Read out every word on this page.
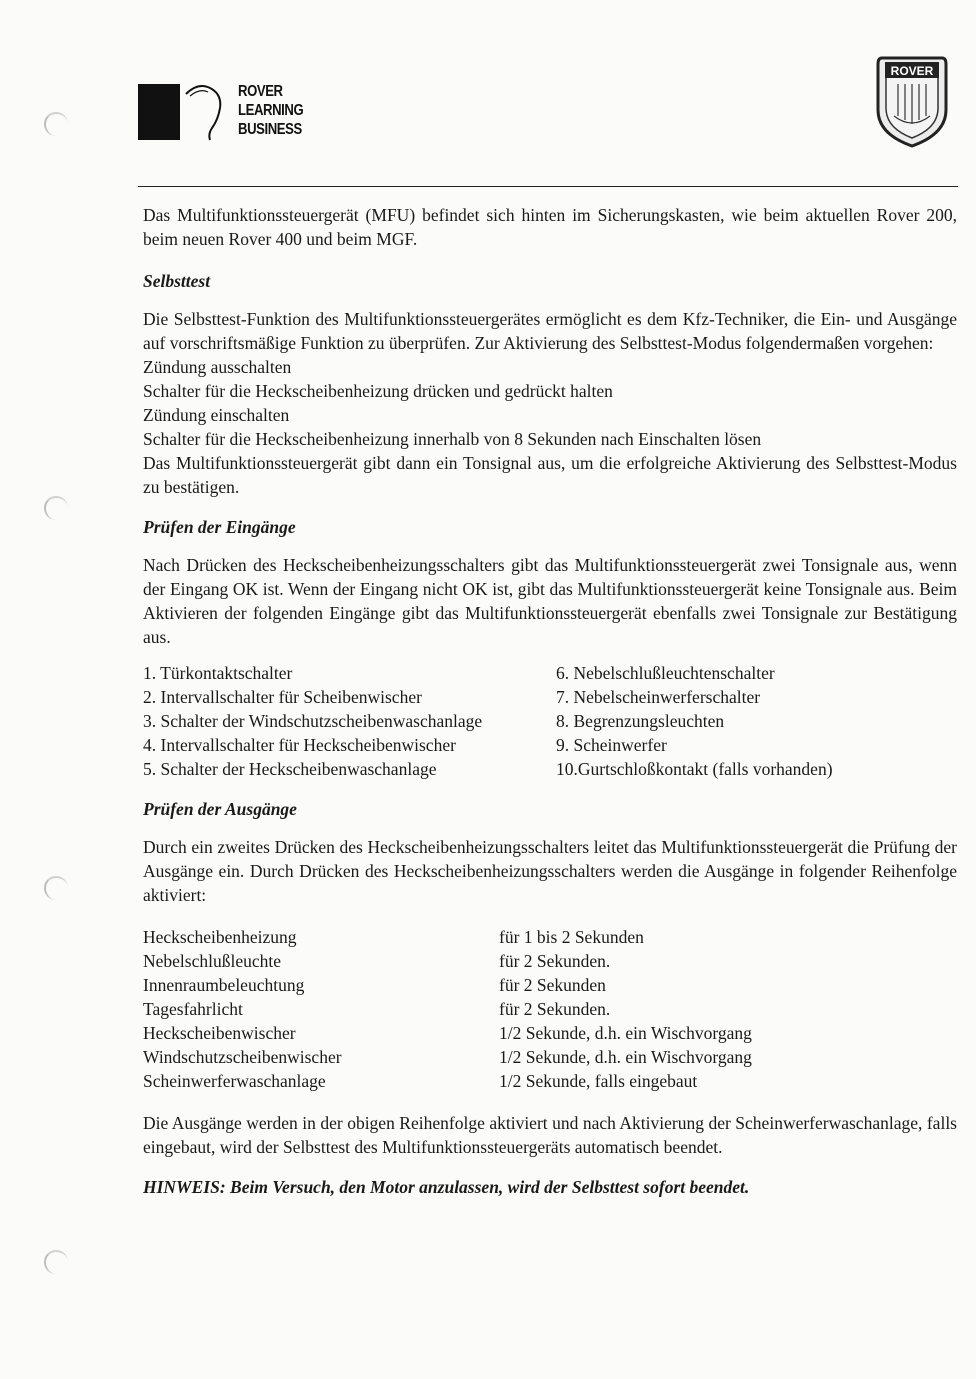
ROVER
LEARNING
BUSINESS
ROVER

Das Multifunktionssteuergerät (MFU) befindet sich hinten im Sicherungskasten, wie beim aktuellen Rover 200, beim neuen Rover 400 und beim MGF.

Selbsttest

Die Selbsttest-Funktion des Multifunktionssteuergerätes ermöglicht es dem Kfz-Techniker, die Ein- und Ausgänge auf vorschriftsmäßige Funktion zu überprüfen. Zur Aktivierung des Selbsttest-Modus folgendermaßen vorgehen:

Zündung ausschalten
Schalter für die Heckscheibenheizung drücken und gedrückt halten
Zündung einschalten
Schalter für die Heckscheibenheizung innerhalb von 8 Sekunden nach Einschalten lösen

Das Multifunktionssteuergerät gibt dann ein Tonsignal aus, um die erfolgreiche Aktivierung des Selbsttest-Modus zu bestätigen.

Prüfen der Eingänge

Nach Drücken des Heckscheibenheizungsschalters gibt das Multifunktionssteuergerät zwei Tonsignale aus, wenn der Eingang OK ist. Wenn der Eingang nicht OK ist, gibt das Multifunktionssteuergerät keine Tonsignale aus. Beim Aktivieren der folgenden Eingänge gibt das Multifunktionssteuergerät ebenfalls zwei Tonsignale zur Bestätigung aus.

1. Türkontaktschalter
2. Intervallschalter für Scheibenwischer
3. Schalter der Windschutzscheibenwaschanlage
4. Intervallschalter für Heckscheibenwischer
5. Schalter der Heckscheibenwaschanlage
6. Nebelschlußleuchtenschalter
7. Nebelscheinwerferschalter
8. Begrenzungsleuchten
9. Scheinwerfer
10.Gurtschloßkontakt (falls vorhanden)
Prüfen der Ausgänge

Durch ein zweites Drücken des Heckscheibenheizungsschalters leitet das Multifunktionssteuergerät die Prüfung der Ausgänge ein. Durch Drücken des Heckscheibenheizungsschalters werden die Ausgänge in folgender Reihenfolge aktiviert:

Heckscheibenheizung
Nebelschlußleuchte
Innenraumbeleuchtung
Tagesfahrlicht
Heckscheibenwischer
Windschutzscheibenwischer
Scheinwerferwaschanlage
für 1 bis 2 Sekunden
für 2 Sekunden.
für 2 Sekunden
für 2 Sekunden.
1/2 Sekunde, d.h. ein Wischvorgang
1/2 Sekunde, d.h. ein Wischvorgang
1/2 Sekunde, falls eingebaut

Die Ausgänge werden in der obigen Reihenfolge aktiviert und nach Aktivierung der Scheinwerferwaschanlage, falls eingebaut, wird der Selbsttest des Multifunktionssteuergeräts automatisch beendet.

HINWEIS: Beim Versuch, den Motor anzulassen, wird der Selbsttest sofort beendet.
